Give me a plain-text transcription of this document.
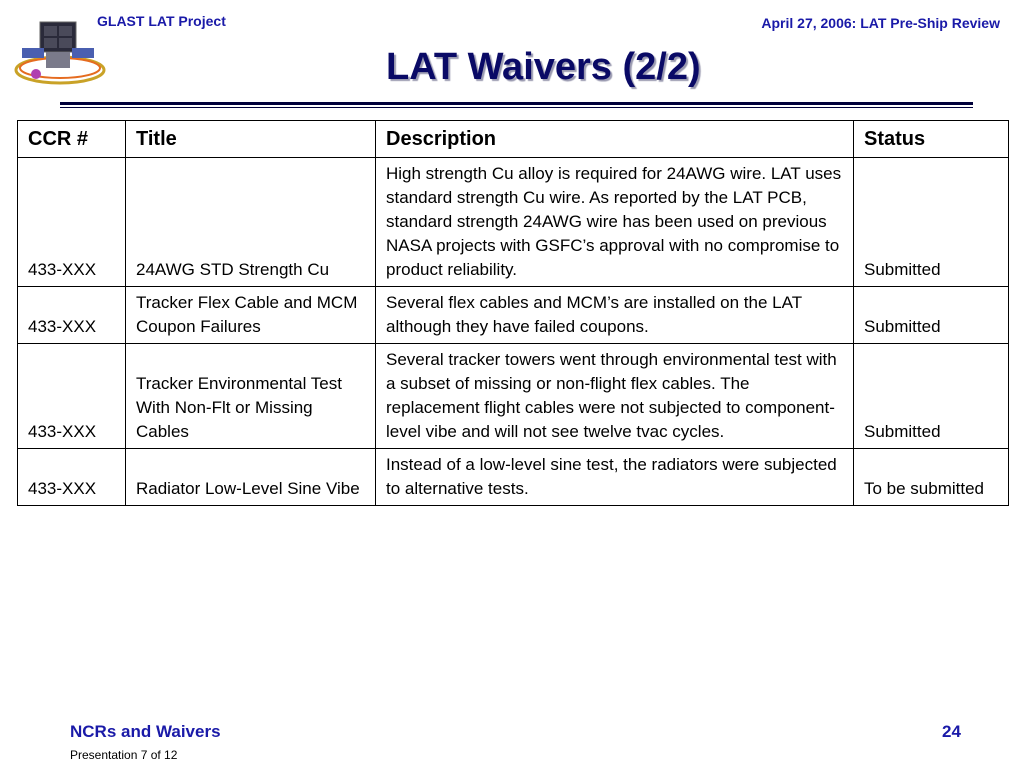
GLAST LAT Project	April 27, 2006: LAT Pre-Ship Review
LAT Waivers (2/2)
CCR #	Title	Description	Status
433-XXX	24AWG STD Strength Cu	High strength Cu alloy is required for 24AWG wire. LAT uses standard strength Cu wire. As reported by the LAT PCB, standard strength 24AWG wire has been used on previous NASA projects with GSFC’s approval with no compromise to product reliability.	Submitted
433-XXX	Tracker Flex Cable and MCM Coupon Failures	Several flex cables and MCM’s are installed on the LAT although they have failed coupons.	Submitted
433-XXX	Tracker Environmental Test With Non-Flt or Missing Cables	Several tracker towers went through environmental test with a subset of missing or non-flight flex cables. The replacement flight cables were not subjected to component-level vibe and will not see twelve tvac cycles.	Submitted
433-XXX	Radiator Low-Level Sine Vibe	Instead of a low-level sine test, the radiators were subjected to alternative tests.	To be submitted
NCRs and Waivers
Presentation 7 of 12
24
